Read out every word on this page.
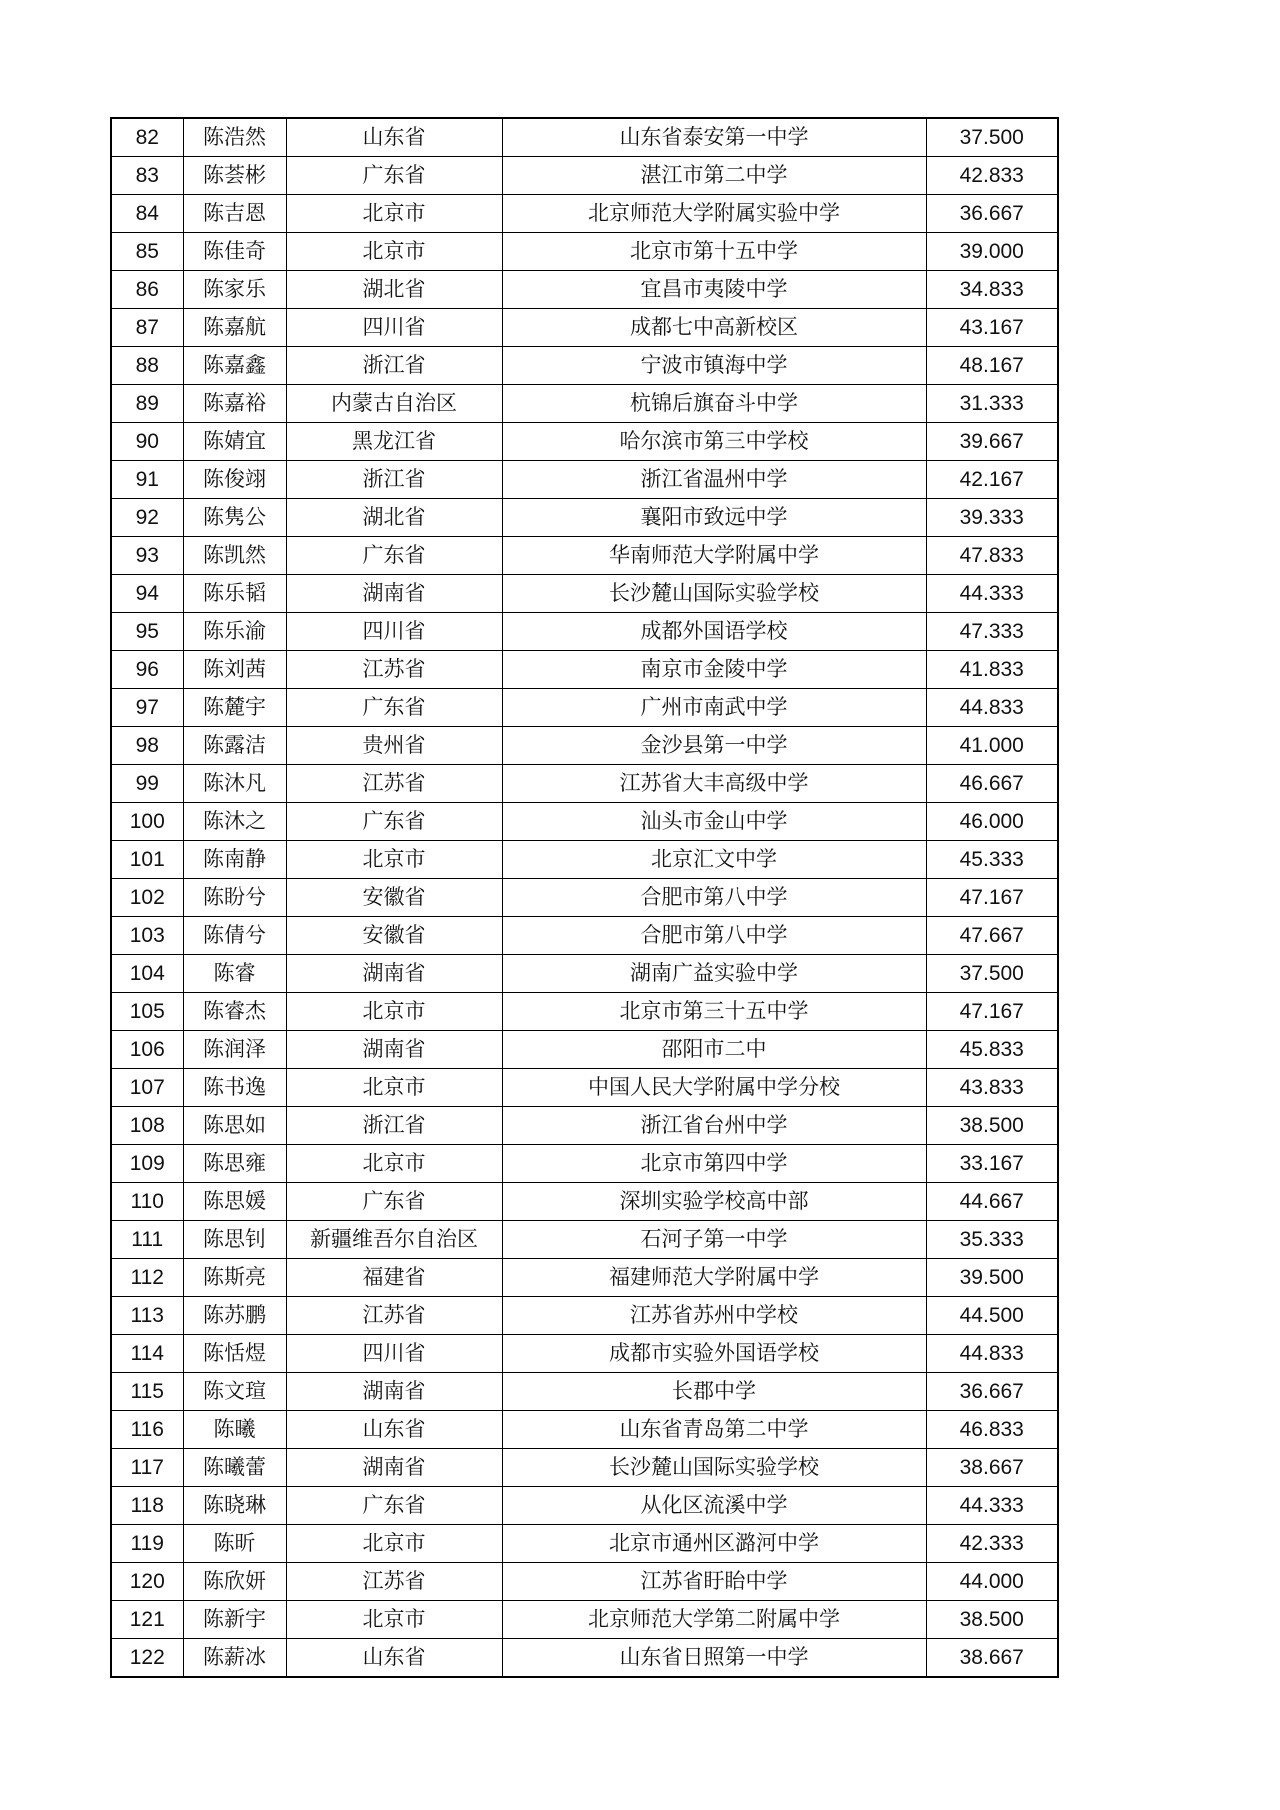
82	陈浩然	山东省	山东省泰安第一中学	37.500
83	陈荟彬	广东省	湛江市第二中学	42.833
84	陈吉恩	北京市	北京师范大学附属实验中学	36.667
85	陈佳奇	北京市	北京市第十五中学	39.000
86	陈家乐	湖北省	宜昌市夷陵中学	34.833
87	陈嘉航	四川省	成都七中高新校区	43.167
88	陈嘉鑫	浙江省	宁波市镇海中学	48.167
89	陈嘉裕	内蒙古自治区	杭锦后旗奋斗中学	31.333
90	陈婧宜	黑龙江省	哈尔滨市第三中学校	39.667
91	陈俊翊	浙江省	浙江省温州中学	42.167
92	陈隽公	湖北省	襄阳市致远中学	39.333
93	陈凯然	广东省	华南师范大学附属中学	47.833
94	陈乐韬	湖南省	长沙麓山国际实验学校	44.333
95	陈乐渝	四川省	成都外国语学校	47.333
96	陈刘茜	江苏省	南京市金陵中学	41.833
97	陈麓宇	广东省	广州市南武中学	44.833
98	陈露洁	贵州省	金沙县第一中学	41.000
99	陈沐凡	江苏省	江苏省大丰高级中学	46.667
100	陈沐之	广东省	汕头市金山中学	46.000
101	陈南静	北京市	北京汇文中学	45.333
102	陈盼兮	安徽省	合肥市第八中学	47.167
103	陈倩兮	安徽省	合肥市第八中学	47.667
104	陈睿	湖南省	湖南广益实验中学	37.500
105	陈睿杰	北京市	北京市第三十五中学	47.167
106	陈润泽	湖南省	邵阳市二中	45.833
107	陈书逸	北京市	中国人民大学附属中学分校	43.833
108	陈思如	浙江省	浙江省台州中学	38.500
109	陈思雍	北京市	北京市第四中学	33.167
110	陈思媛	广东省	深圳实验学校高中部	44.667
111	陈思钊	新疆维吾尔自治区	石河子第一中学	35.333
112	陈斯亮	福建省	福建师范大学附属中学	39.500
113	陈苏鹏	江苏省	江苏省苏州中学校	44.500
114	陈恬煜	四川省	成都市实验外国语学校	44.833
115	陈文瑄	湖南省	长郡中学	36.667
116	陈曦	山东省	山东省青岛第二中学	46.833
117	陈曦蕾	湖南省	长沙麓山国际实验学校	38.667
118	陈晓琳	广东省	从化区流溪中学	44.333
119	陈昕	北京市	北京市通州区潞河中学	42.333
120	陈欣妍	江苏省	江苏省盱眙中学	44.000
121	陈新宇	北京市	北京师范大学第二附属中学	38.500
122	陈薪冰	山东省	山东省日照第一中学	38.667
